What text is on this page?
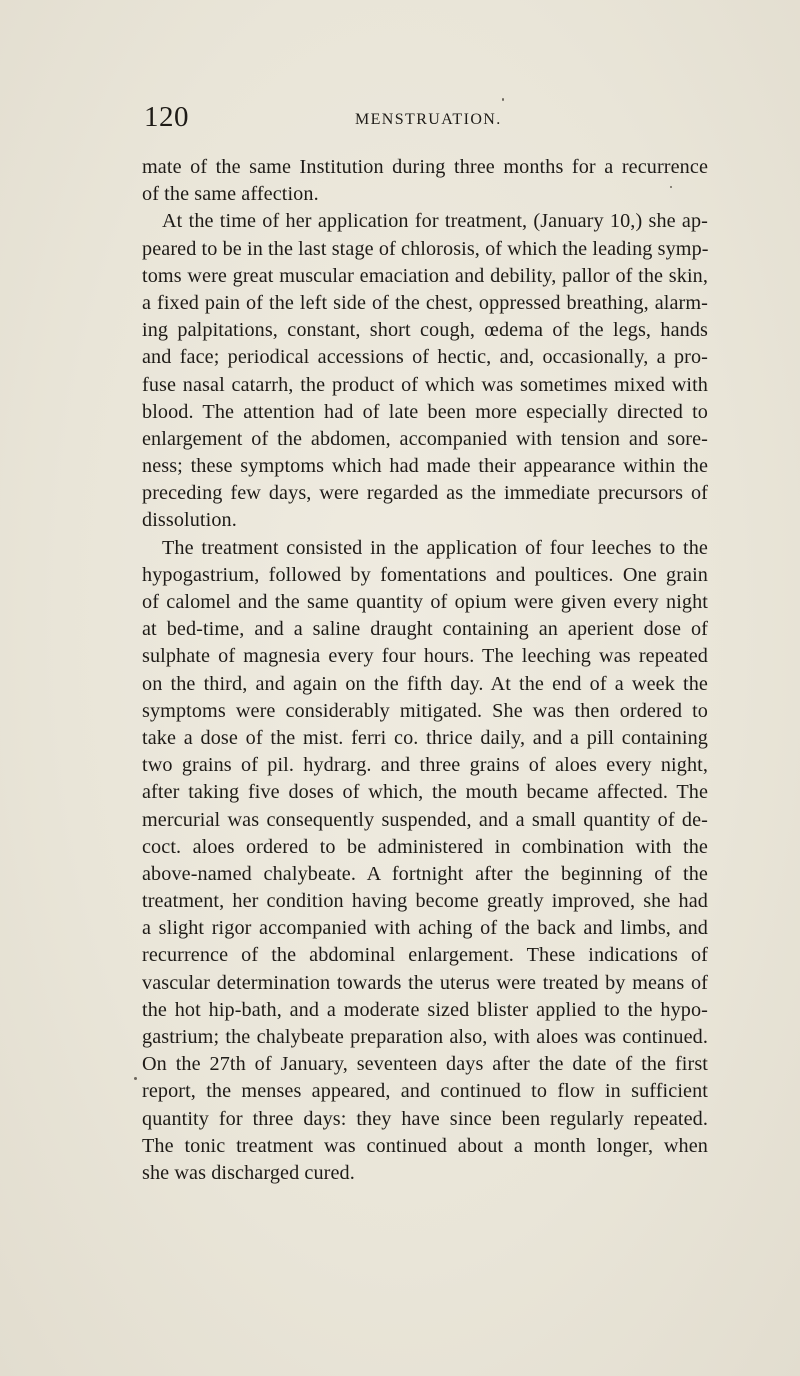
120	MENSTRUATION.
mate of the same Institution during three months for a recurrence
of the same affection.
At the time of her application for treatment, (January 10,) she ap-
peared to be in the last stage of chlorosis, of which the leading symp-
toms were great muscular emaciation and debility, pallor of the skin,
a fixed pain of the left side of the chest, oppressed breathing, alarm-
ing palpitations, constant, short cough, œdema of the legs, hands
and face; periodical accessions of hectic, and, occasionally, a pro-
fuse nasal catarrh, the product of which was sometimes mixed with
blood. The attention had of late been more especially directed to
enlargement of the abdomen, accompanied with tension and sore-
ness; these symptoms which had made their appearance within the
preceding few days, were regarded as the immediate precursors of
dissolution.
The treatment consisted in the application of four leeches to the
hypogastrium, followed by fomentations and poultices. One grain
of calomel and the same quantity of opium were given every night
at bed-time, and a saline draught containing an aperient dose of
sulphate of magnesia every four hours. The leeching was repeated
on the third, and again on the fifth day. At the end of a week the
symptoms were considerably mitigated. She was then ordered to
take a dose of the mist. ferri co. thrice daily, and a pill containing
two grains of pil. hydrarg. and three grains of aloes every night,
after taking five doses of which, the mouth became affected. The
mercurial was consequently suspended, and a small quantity of de-
coct. aloes ordered to be administered in combination with the
above-named chalybeate. A fortnight after the beginning of the
treatment, her condition having become greatly improved, she had
a slight rigor accompanied with aching of the back and limbs, and
recurrence of the abdominal enlargement. These indications of
vascular determination towards the uterus were treated by means of
the hot hip-bath, and a moderate sized blister applied to the hypo-
gastrium; the chalybeate preparation also, with aloes was continued.
On the 27th of January, seventeen days after the date of the first
report, the menses appeared, and continued to flow in sufficient
quantity for three days: they have since been regularly repeated.
The tonic treatment was continued about a month longer, when
she was discharged cured.
